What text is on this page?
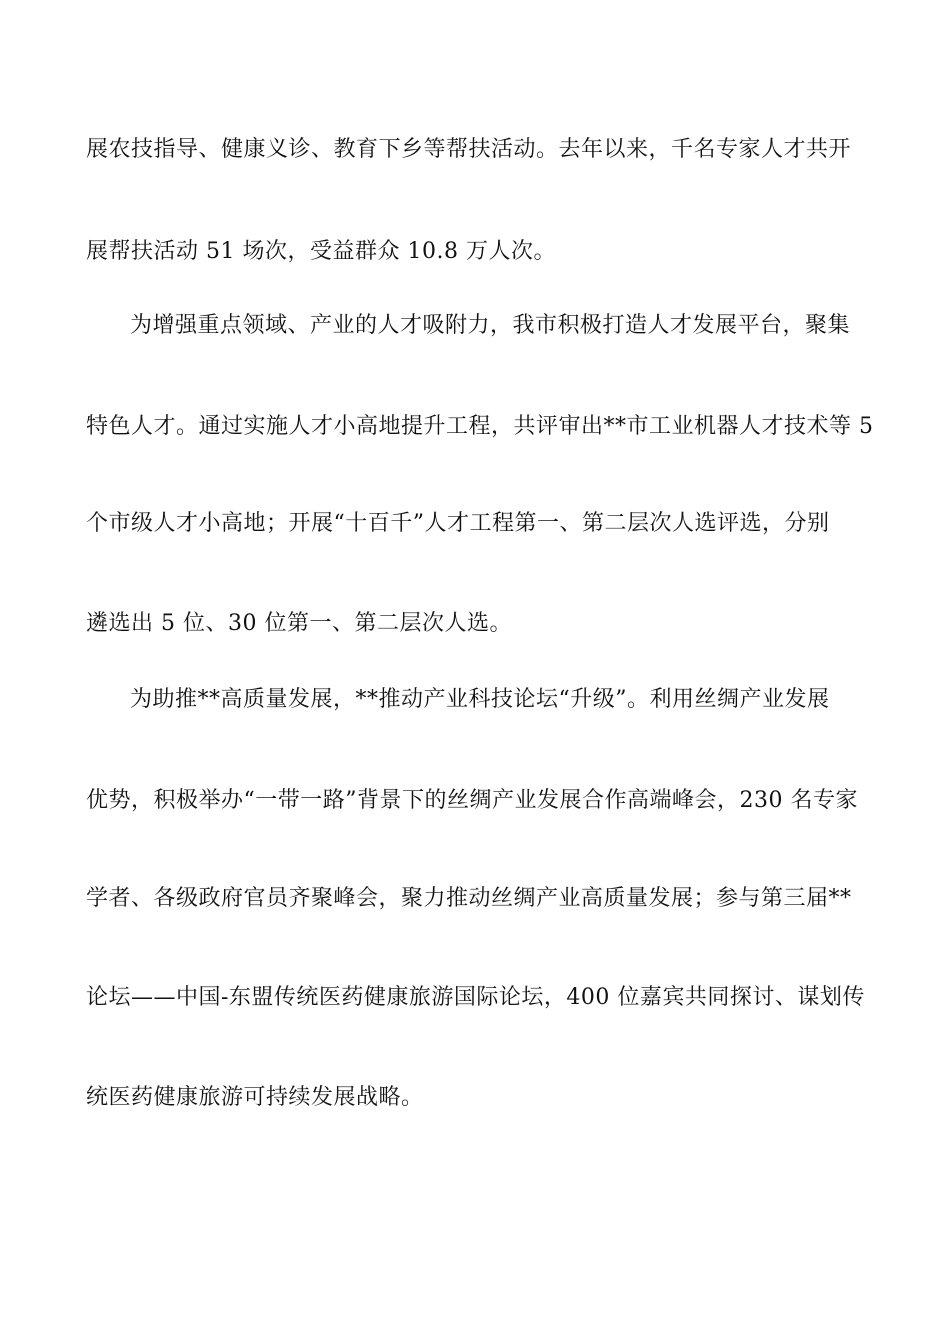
展农技指导、健康义诊、教育下乡等帮扶活动。去年以来，千名专家人才共开
展帮扶活动 51 场次，受益群众 10.8 万人次。
为增强重点领域、产业的人才吸附力，我市积极打造人才发展平台，聚集
特色人才。通过实施人才小高地提升工程，共评审出**市工业机器人才技术等 5
个市级人才小高地；开展“十百千”人才工程第一、第二层次人选评选，分别
遴选出 5 位、30 位第一、第二层次人选。
为助推**高质量发展，**推动产业科技论坛“升级”。利用丝绸产业发展
优势，积极举办“一带一路”背景下的丝绸产业发展合作高端峰会，230 名专家
学者、各级政府官员齐聚峰会，聚力推动丝绸产业高质量发展；参与第三届**
论坛——中国-东盟传统医药健康旅游国际论坛，400 位嘉宾共同探讨、谋划传
统医药健康旅游可持续发展战略。
